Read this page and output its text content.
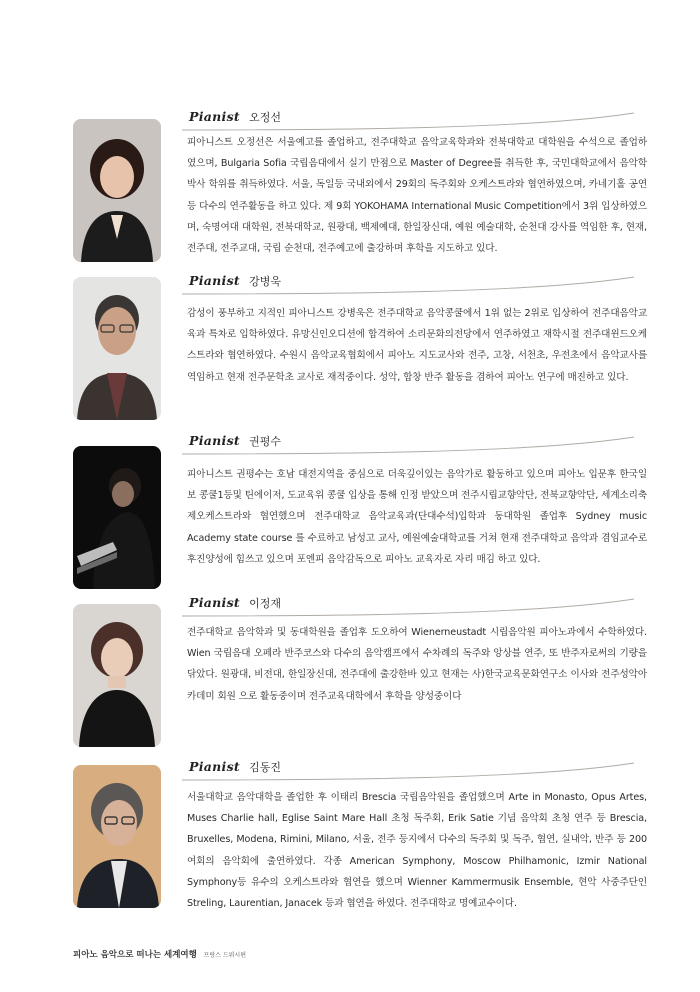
Pianist 오정선

피아니스트 오정선은 서울예고를 졸업하고, 전주대학교 음악교육학과와 전북대학교 대학원을 수석으로 졸업하였으며, Bulgaria Sofia 국립음대에서 실기 만점으로 Master of Degree를 취득한 후, 국민대학교에서 음악학 박사 학위를 취득하였다. 서울, 독일등 국내외에서 29회의 독주회와 오케스트라와 협연하였으며, 카네기홀 공연등 다수의 연주활동을 하고 있다. 제 9회 YOKOHAMA International Music Competition에서 3위 입상하였으며, 숙명여대 대학원, 전북대학교, 원광대, 백제예대, 한일장신대, 예원 예술대학, 순천대 강사를 역임한 후, 현재, 전주대, 전주교대, 국립 순천대, 전주예고에 출강하며 후학을 지도하고 있다.

Pianist 강병욱

감성이 풍부하고 지적인 피아니스트 강병욱은 전주대학교 음악콩쿨에서 1위 없는 2위로 입상하여 전주대음악교육과 특차로 입학하였다. 유망신인오디션에 합격하여 소리문화의전당에서 연주하였고 재학시절 전주대윈드오케스트라와 협연하였다. 수원시 음악교육협회에서 피아노 지도교사와 전주, 고창, 서천초, 우전초에서 음악교사를 역임하고 현재 전주문학초 교사로 재적중이다. 성악, 합창 반주 활동을 겸하여 피아노 연구에 매진하고 있다.

Pianist 권평수

피아니스트 권평수는 호남 대전지역을 중심으로 더욱깊이있는 음악가로 활동하고 있으며 피아노 입문후 한국일보 콩쿨1등및 틴에이저, 도교육위 콩쿨 입상을 통해 인정 받았으며 전주시립교향악단, 전북교향악단, 세계소리축제오케스트라와 협연했으며 전주대학교 음악교육과(단대수석)입학과 동대학원 졸업후 Sydney music Academy state course 를 수료하고 남성고 교사, 예원예술대학교를 거쳐 현재 전주대학교 음악과 겸임교수로 후진양성에 힘쓰고 있으며 포엔피 음악감독으로 피아노 교육자로 자리 매김 하고 있다.

Pianist 이정재

전주대학교 음악학과 및 동대학원을 졸업후 도오하여 Wienerneustadt 시립음악원 피아노과에서 수학하였다. Wien 국립음대 오페라 반주코스와 다수의 음악캠프에서 수차례의 독주와 앙상블 연주, 또 반주자로써의 기량을 닦았다. 원광대, 비전대, 한일장신대, 전주대에 출강한바 있고 현재는 사)한국교육문화연구소 이사와 전주성악아카데미 회원 으로 활동중이며 전주교육대학에서 후학을 양성중이다

Pianist 김동진

서울대학교 음악대학을 졸업한 후 이태리 Brescia 국립음악원을 졸업했으며 Arte in Monasto, Opus Artes, Muses Charlie hall, Eglise Saint Mare Hall 초청 독주회, Erik Satie 기념 음악회 초청 연주 등 Brescia, Bruxelles, Modena, Rimini, Milano, 서울, 전주 등지에서 다수의 독주회 및 독주, 협연, 실내악, 반주 등 200여회의 음악회에 출연하였다. 각종 American Symphony, Moscow Philhamonic, Izmir National Symphony등 유수의 오케스트라와 협연을 했으며 Wienner Kammermusik Ensemble, 현악 사중주단인 Streling, Laurentian, Janacek 등과 협연을 하였다. 전주대학교 명예교수이다.

피아노 음악으로 떠나는 세계여행 프랑스 드뷔시편
